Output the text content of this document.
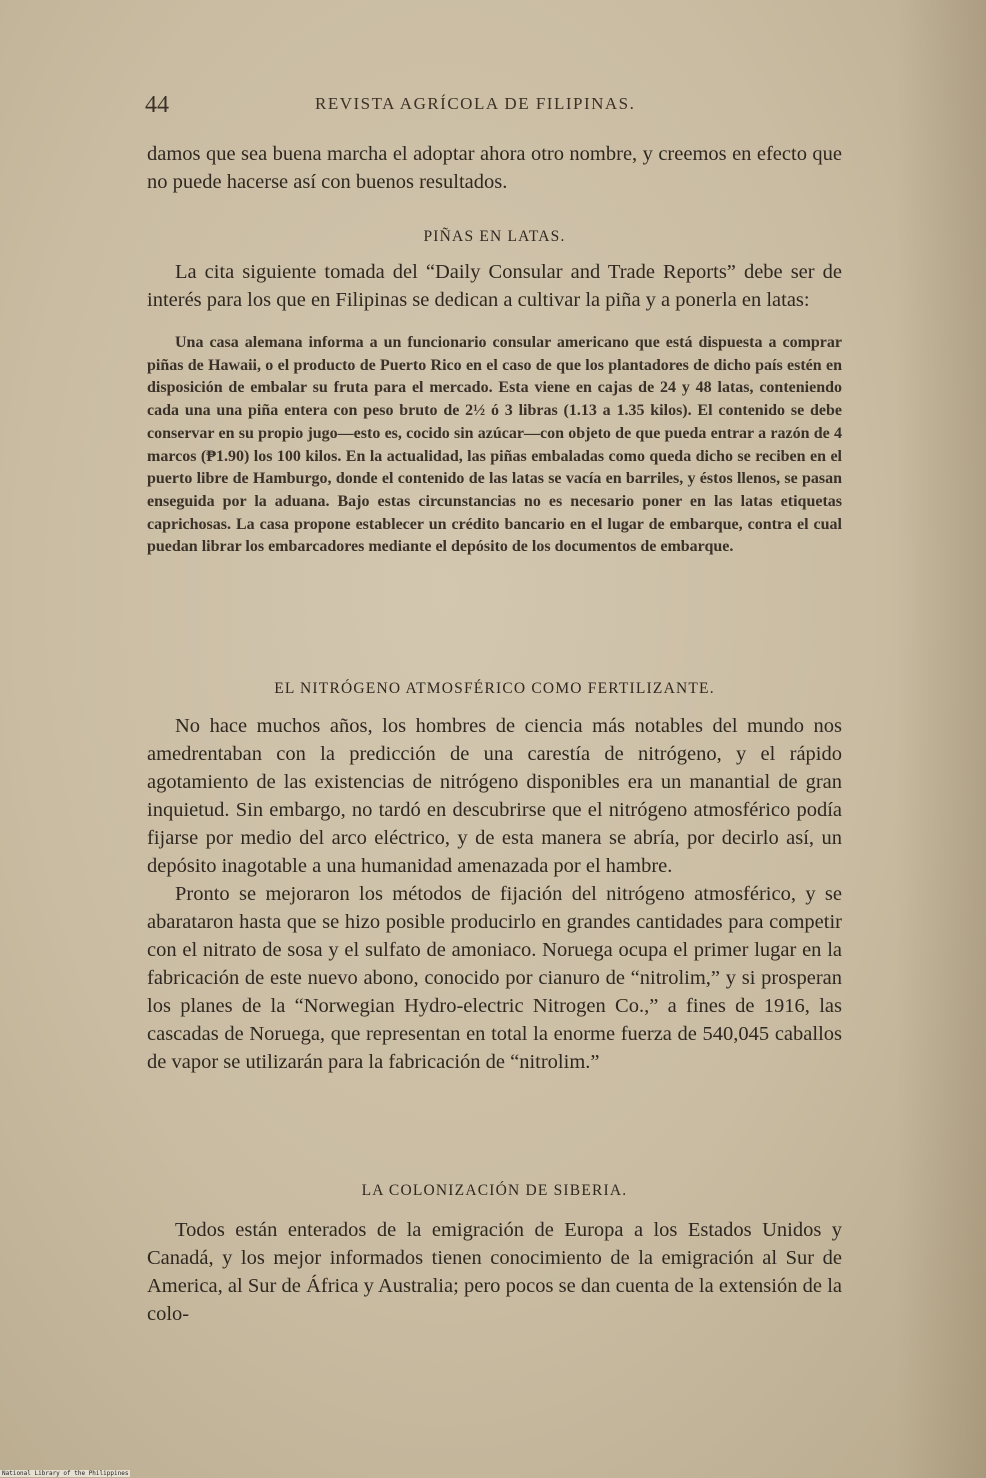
44	REVISTA AGRÍCOLA DE FILIPINAS.

damos que sea buena marcha el adoptar ahora otro nombre, y creemos en efecto que no puede hacerse así con buenos resultados.

PIÑAS EN LATAS.

La cita siguiente tomada del “Daily Consular and Trade Reports” debe ser de interés para los que en Filipinas se dedican a cultivar la piña y a ponerla en latas:

Una casa alemana informa a un funcionario consular americano que está dispuesta a comprar piñas de Hawaii, o el producto de Puerto Rico en el caso de que los plantadores de dicho país estén en disposición de embalar su fruta para el mercado. Esta viene en cajas de 24 y 48 latas, conteniendo cada una una piña entera con peso bruto de 2½ ó 3 libras (1.13 a 1.35 kilos). El contenido se debe conservar en su propio jugo—esto es, cocido sin azúcar—con objeto de que pueda entrar a razón de 4 marcos (₱1.90) los 100 kilos. En la actualidad, las piñas embaladas como queda dicho se reciben en el puerto libre de Hamburgo, donde el contenido de las latas se vacía en barriles, y éstos llenos, se pasan enseguida por la aduana. Bajo estas circunstancias no es necesario poner en las latas etiquetas caprichosas. La casa propone establecer un crédito bancario en el lugar de embarque, contra el cual puedan librar los embarcadores mediante el depósito de los documentos de embarque.

EL NITRÓGENO ATMOSFÉRICO COMO FERTILIZANTE.

No hace muchos años, los hombres de ciencia más notables del mundo nos amedrentaban con la predicción de una carestía de nitrógeno, y el rápido agotamiento de las existencias de nitrógeno disponibles era un manantial de gran inquietud. Sin embargo, no tardó en descubrirse que el nitrógeno atmosférico podía fijarse por medio del arco eléctrico, y de esta manera se abría, por decirlo así, un depósito inagotable a una humanidad amenazada por el hambre.

Pronto se mejoraron los métodos de fijación del nitrógeno atmosférico, y se abarataron hasta que se hizo posible producirlo en grandes cantidades para competir con el nitrato de sosa y el sulfato de amoniaco. Noruega ocupa el primer lugar en la fabricación de este nuevo abono, conocido por cianuro de “nitrolim,” y si prosperan los planes de la “Norwegian Hydro-electric Nitrogen Co.,” a fines de 1916, las cascadas de Noruega, que representan en total la enorme fuerza de 540,045 caballos de vapor se utilizarán para la fabricación de “nitrolim.”

LA COLONIZACIÓN DE SIBERIA.

Todos están enterados de la emigración de Europa a los Estados Unidos y Canadá, y los mejor informados tienen conocimiento de la emigración al Sur de America, al Sur de África y Australia; pero pocos se dan cuenta de la extensión de la colo-

National Library of the Philippines
